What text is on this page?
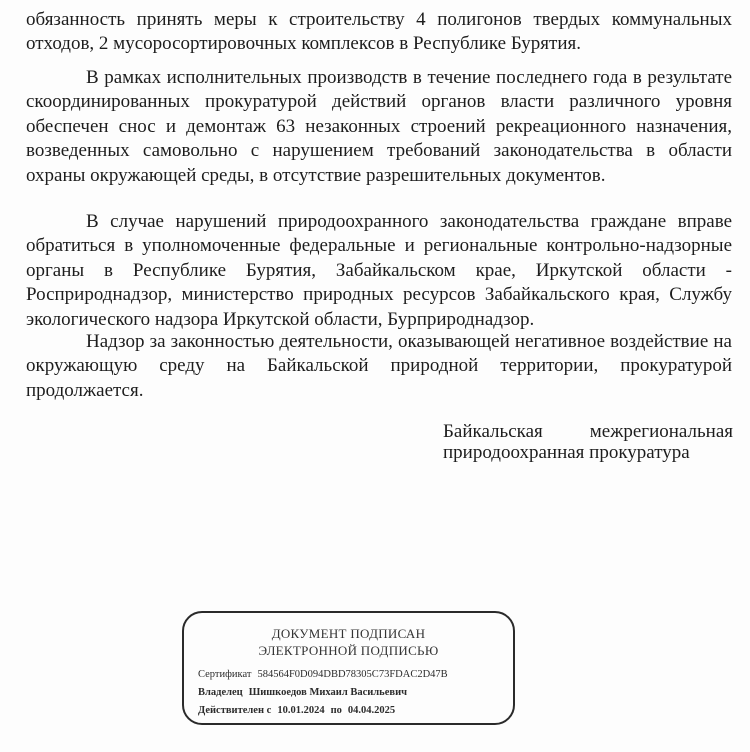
обязанность принять меры к строительству 4 полигонов твердых коммунальных отходов, 2 мусоросортировочных комплексов в Республике Бурятия.

В рамках исполнительных производств в течение последнего года в результате скоординированных прокуратурой действий органов власти различного уровня обеспечен снос и демонтаж 63 незаконных строений рекреационного назначения, возведенных самовольно с нарушением требований законодательства в области охраны окружающей среды, в отсутствие разрешительных документов.

В случае нарушений природоохранного законодательства граждане вправе обратиться в уполномоченные федеральные и региональные контрольно-надзорные органы в Республике Бурятия, Забайкальском крае, Иркутской области - Росприроднадзор, министерство природных ресурсов Забайкальского края, Службу экологического надзора Иркутской области, Бурприроднадзор.

Надзор за законностью деятельности, оказывающей негативное воздействие на окружающую среду на Байкальской природной территории, прокуратурой продолжается.

Байкальская межрегиональная
природоохранная прокуратура
ДОКУМЕНТ ПОДПИСАН
ЭЛЕКТРОННОЙ ПОДПИСЬЮ
Сертификат 584564F0D094DBD78305C73FDAC2D47B
Владелец Шишкоедов Михаил Васильевич
Действителен с 10.01.2024 по 04.04.2025
